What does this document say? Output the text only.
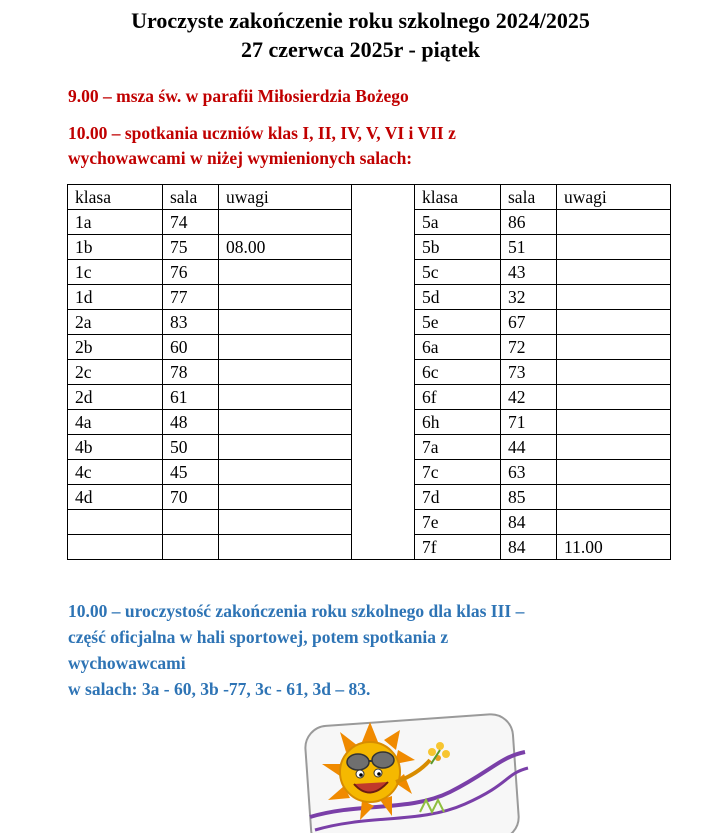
Uroczyste zakończenie roku szkolnego 2024/2025
27 czerwca 2025r - piątek

9.00 – msza św. w parafii Miłosierdzia Bożego

10.00 – spotkania uczniów klas I, II, IV, V, VI i VII z
wychowawcami w niżej wymienionych salach:

klasa	sala	uwagi		klasa	sala	uwagi
1a	74			5a	86	
1b	75	08.00		5b	51	
1c	76			5c	43	
1d	77			5d	32	
2a	83			5e	67	
2b	60			6a	72	
2c	78			6c	73	
2d	61			6f	42	
4a	48			6h	71	
4b	50			7a	44	
4c	45			7c	63	
4d	70			7d	85	
				7e	84	
				7f	84	11.00

10.00 – uroczystość zakończenia roku szkolnego dla klas III –

część oficjalna w hali sportowej, potem spotkania z

wychowawcami

w salach: 3a - 60, 3b -77, 3c - 61, 3d – 83.
